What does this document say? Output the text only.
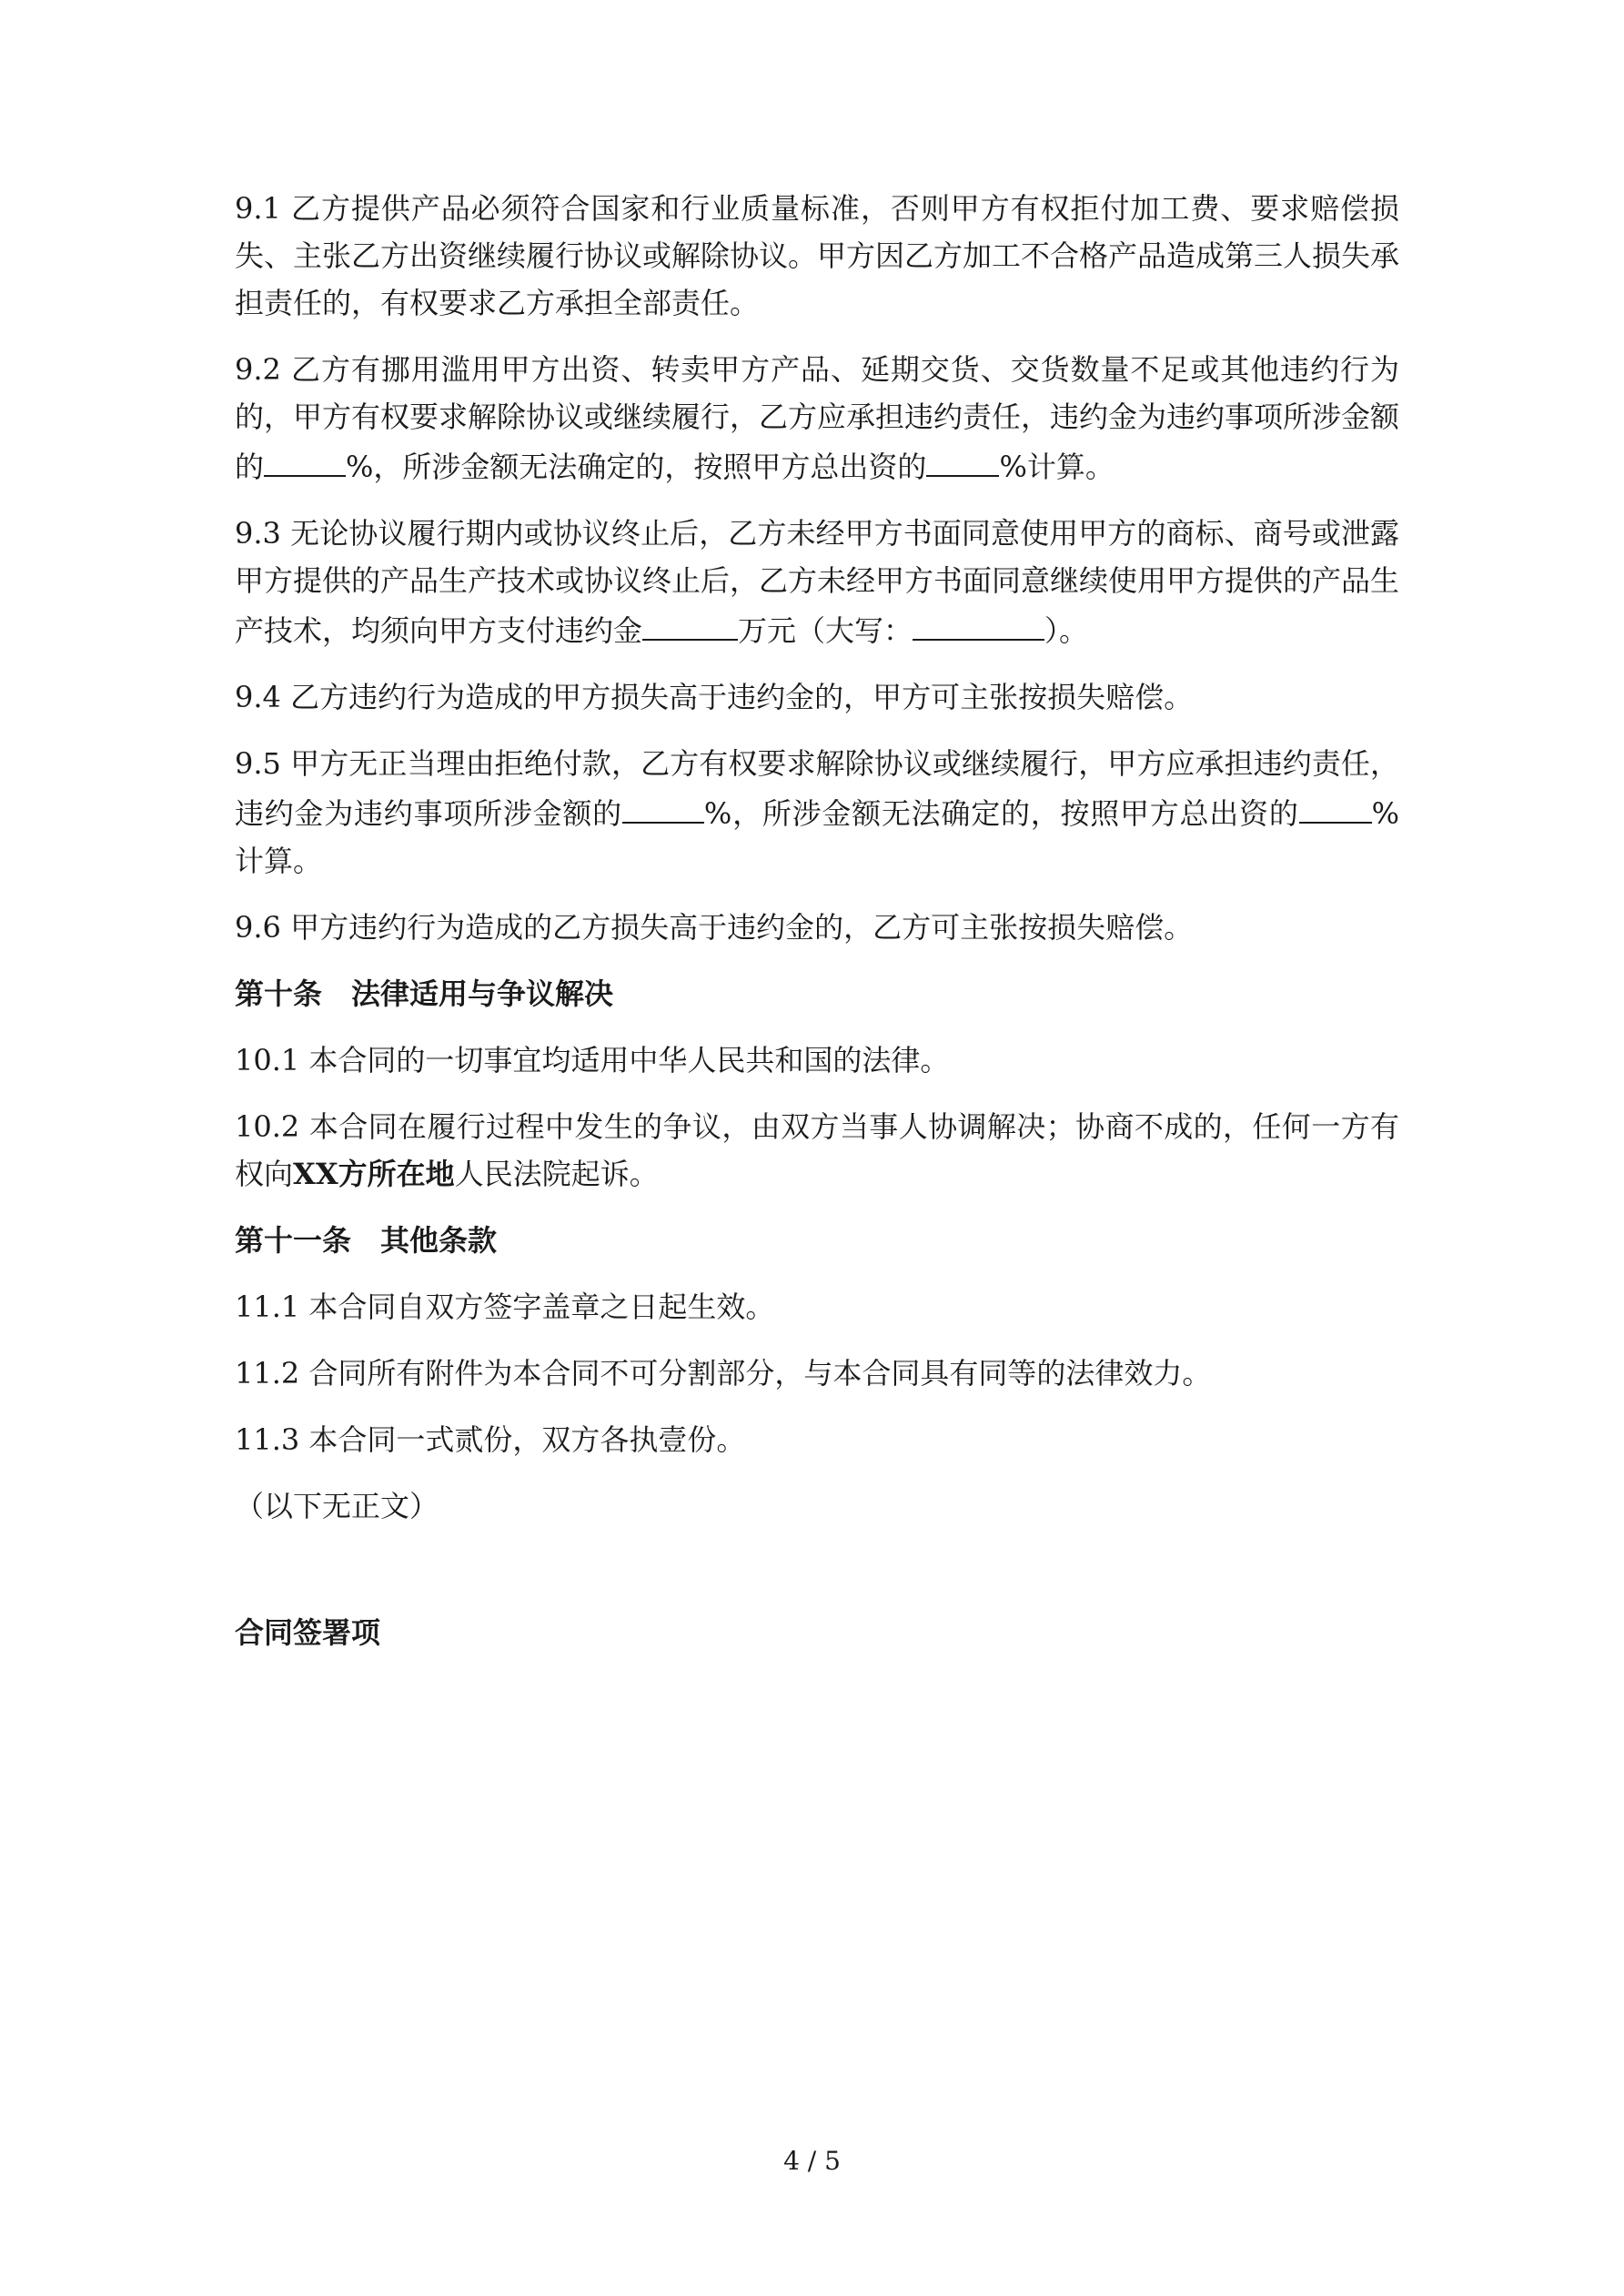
9.1 乙方提供产品必须符合国家和行业质量标准，否则甲方有权拒付加工费、要求赔偿损失、主张乙方出资继续履行协议或解除协议。甲方因乙方加工不合格产品造成第三人损失承担责任的，有权要求乙方承担全部责任。

9.2 乙方有挪用滥用甲方出资、转卖甲方产品、延期交货、交货数量不足或其他违约行为的，甲方有权要求解除协议或继续履行，乙方应承担违约责任，违约金为违约事项所涉金额的	%，所涉金额无法确定的，按照甲方总出资的	%计算。

9.3 无论协议履行期内或协议终止后，乙方未经甲方书面同意使用甲方的商标、商号或泄露甲方提供的产品生产技术或协议终止后，乙方未经甲方书面同意继续使用甲方提供的产品生产技术，均须向甲方支付违约金	万元（大写：	）。

9.4 乙方违约行为造成的甲方损失高于违约金的，甲方可主张按损失赔偿。

9.5 甲方无正当理由拒绝付款，乙方有权要求解除协议或继续履行，甲方应承担违约责任，违约金为违约事项所涉金额的	%，所涉金额无法确定的，按照甲方总出资的	%计算。

9.6 甲方违约行为造成的乙方损失高于违约金的，乙方可主张按损失赔偿。

第十条　法律适用与争议解决

10.1 本合同的一切事宜均适用中华人民共和国的法律。

10.2 本合同在履行过程中发生的争议，由双方当事人协调解决；协商不成的，任何一方有权向XX方所在地人民法院起诉。

第十一条　其他条款

11.1 本合同自双方签字盖章之日起生效。

11.2 合同所有附件为本合同不可分割部分，与本合同具有同等的法律效力。

11.3 本合同一式贰份，双方各执壹份。

（以下无正文）

合同签署项
4 / 5
